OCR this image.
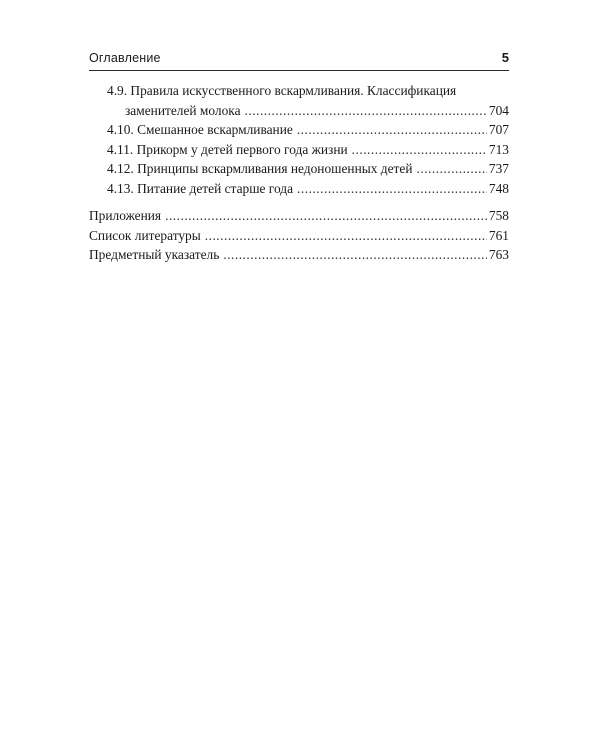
Оглавление	5
4.9. Правила искусственного вскармливания. Классификация
заменителей молока .....	704
4.10. Смешанное вскармливание .....	707
4.11. Прикорм у детей первого года жизни .....	713
4.12. Принципы вскармливания недоношенных детей .....	737
4.13. Питание детей старше года .....	748
Приложения .....	758
Список литературы .....	761
Предметный указатель .....	763
